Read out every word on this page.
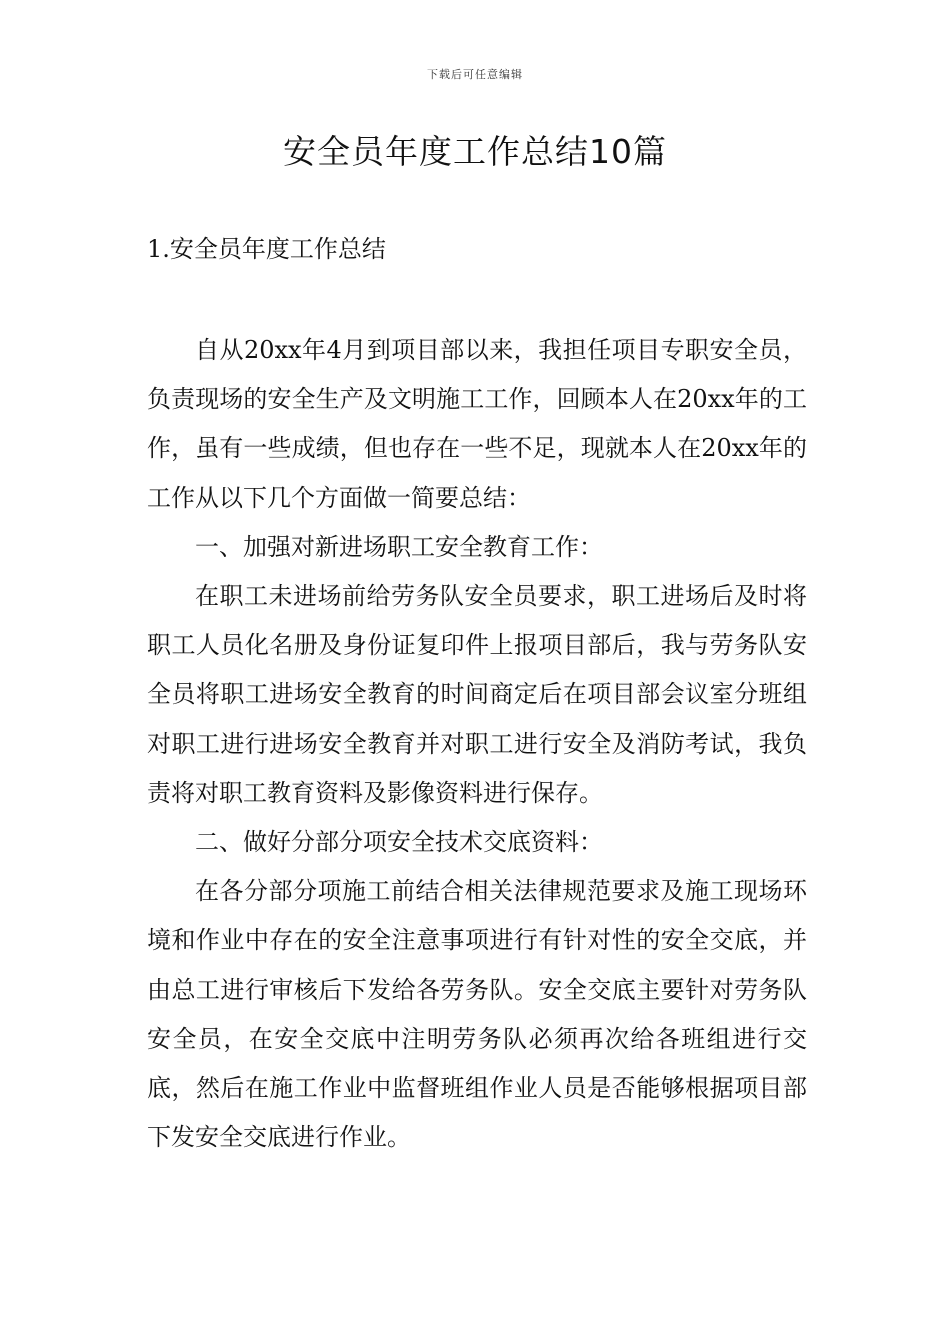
下载后可任意编辑
安全员年度工作总结10篇
1.安全员年度工作总结

自从20xx年4月到项目部以来，我担任项目专职安全员，负责现场的安全生产及文明施工工作，回顾本人在20xx年的工作，虽有一些成绩，但也存在一些不足，现就本人在20xx年的工作从以下几个方面做一简要总结：

一、加强对新进场职工安全教育工作：

在职工未进场前给劳务队安全员要求，职工进场后及时将职工人员化名册及身份证复印件上报项目部后，我与劳务队安全员将职工进场安全教育的时间商定后在项目部会议室分班组对职工进行进场安全教育并对职工进行安全及消防考试，我负责将对职工教育资料及影像资料进行保存。

二、做好分部分项安全技术交底资料：

在各分部分项施工前结合相关法律规范要求及施工现场环境和作业中存在的安全注意事项进行有针对性的安全交底，并由总工进行审核后下发给各劳务队。安全交底主要针对劳务队安全员，在安全交底中注明劳务队必须再次给各班组进行交底，然后在施工作业中监督班组作业人员是否能够根据项目部下发安全交底进行作业。
